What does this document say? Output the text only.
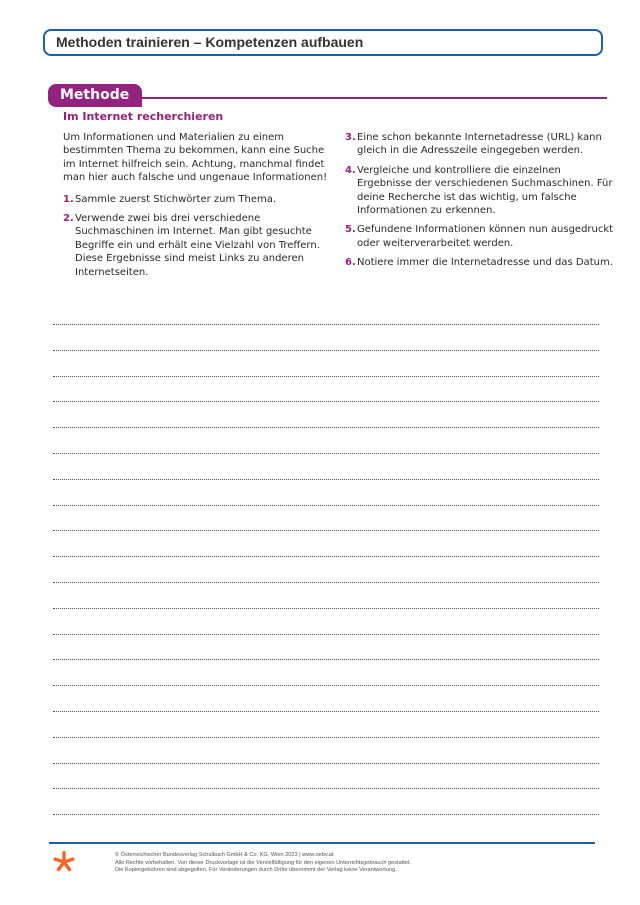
Methoden trainieren – Kompetenzen aufbauen
Methode
Im Internet recherchieren

Um Informationen und Materialien zu einem bestimmten Thema zu bekommen, kann eine Suche im Internet hilfreich sein. Achtung, manchmal findet man hier auch falsche und ungenaue Informationen!

1. Sammle zuerst Stichwörter zum Thema.
2. Verwende zwei bis drei verschiedene Suchmaschinen im Internet. Man gibt gesuchte Begriffe ein und erhält eine Vielzahl von Treffern. Diese Ergebnisse sind meist Links zu anderen Internetseiten.
3. Eine schon bekannte Internetadresse (URL) kann gleich in die Adresszeile eingegeben werden.
4. Vergleiche und kontrolliere die einzelnen Ergebnisse der verschiedenen Suchmaschinen. Für deine Recherche ist das wichtig, um falsche Informationen zu erkennen.
5. Gefundene Informationen können nun ausgedruckt oder weiterverarbeitet werden.
6. Notiere immer die Internetadresse und das Datum.
© Österreichischer Bundesverlag Schulbuch GmbH & Co. KG, Wien 2023 | www.oebv.at
Alle Rechte vorbehalten. Von dieser Druckvorlage ist die Vervielfältigung für den eigenen Unterrichtsgebrauch gestattet.
Die Kopiergebühren sind abgegolten. Für Veränderungen durch Dritte übernimmt der Verlag keine Verantwortung.
